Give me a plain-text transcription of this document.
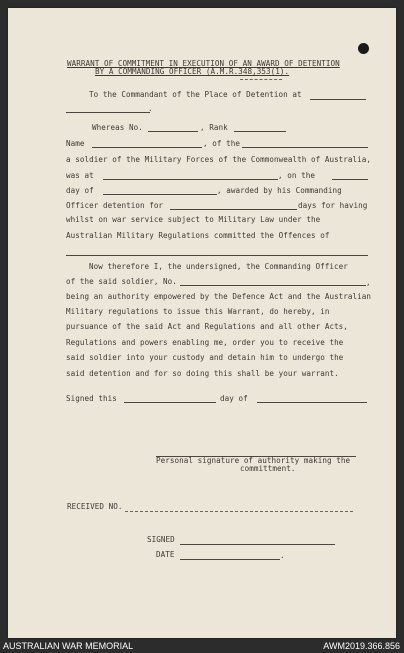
WARRANT OF COMMITMENT IN EXECUTION OF AN AWARD OF DETENTION
BY A COMMANDING OFFICER (A.M.R.348,353(1).
To the Commandant of the Place of Detention at
.
Whereas No.	, Rank
Name	, of the
a soldier of the Military Forces of the Commonwealth of Australia,
was at	, on the
day of	, awarded by his Commanding
Officer detention for	days for having
whilst on war service subject to Military Law under the
Australian Military Regulations committed the Offences of
Now therefore I, the undersigned, the Commanding Officer
of the said soldier, No.	,
being an authority empowered by the Defence Act and the Australian
Military regulations to issue this Warrant, do hereby, in
pursuance of the said Act and Regulations and all other Acts,
Regulations and powers enabling me, order you to receive the
said soldier into your custody and detain him to undergo the
said detention and for so doing this shall be your warrant.
Signed this	day of
Personal signature of authority making the
committment.
RECEIVED NO.
SIGNED
DATE	.
AUSTRALIAN WAR MEMORIAL	AWM2019.366.856
